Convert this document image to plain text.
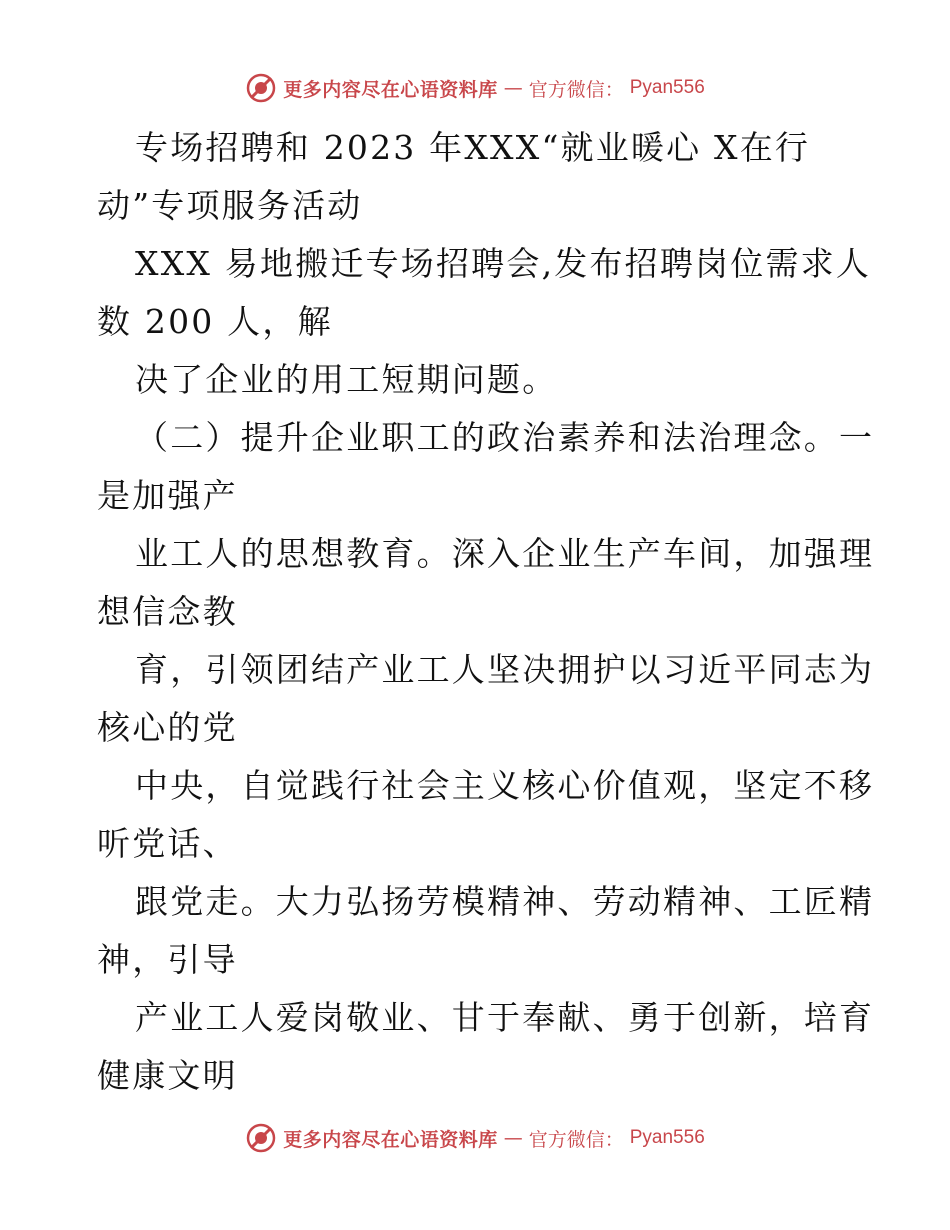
更多内容尽在心语资料库 — 官方微信： Pyan556
专场招聘和 2023 年XXX“就业暖心 X在行
动”专项服务活动
XXX 易地搬迁专场招聘会,发布招聘岗位需求人
数 200 人，解
决了企业的用工短期问题。
（二）提升企业职工的政治素养和法治理念。一
是加强产
业工人的思想教育。深入企业生产车间，加强理
想信念教
育，引领团结产业工人坚决拥护以习近平同志为
核心的党
中央，自觉践行社会主义核心价值观，坚定不移
听党话、
跟党走。大力弘扬劳模精神、劳动精神、工匠精
神，引导
产业工人爱岗敬业、甘于奉献、勇于创新，培育
健康文明
更多内容尽在心语资料库 — 官方微信： Pyan556
